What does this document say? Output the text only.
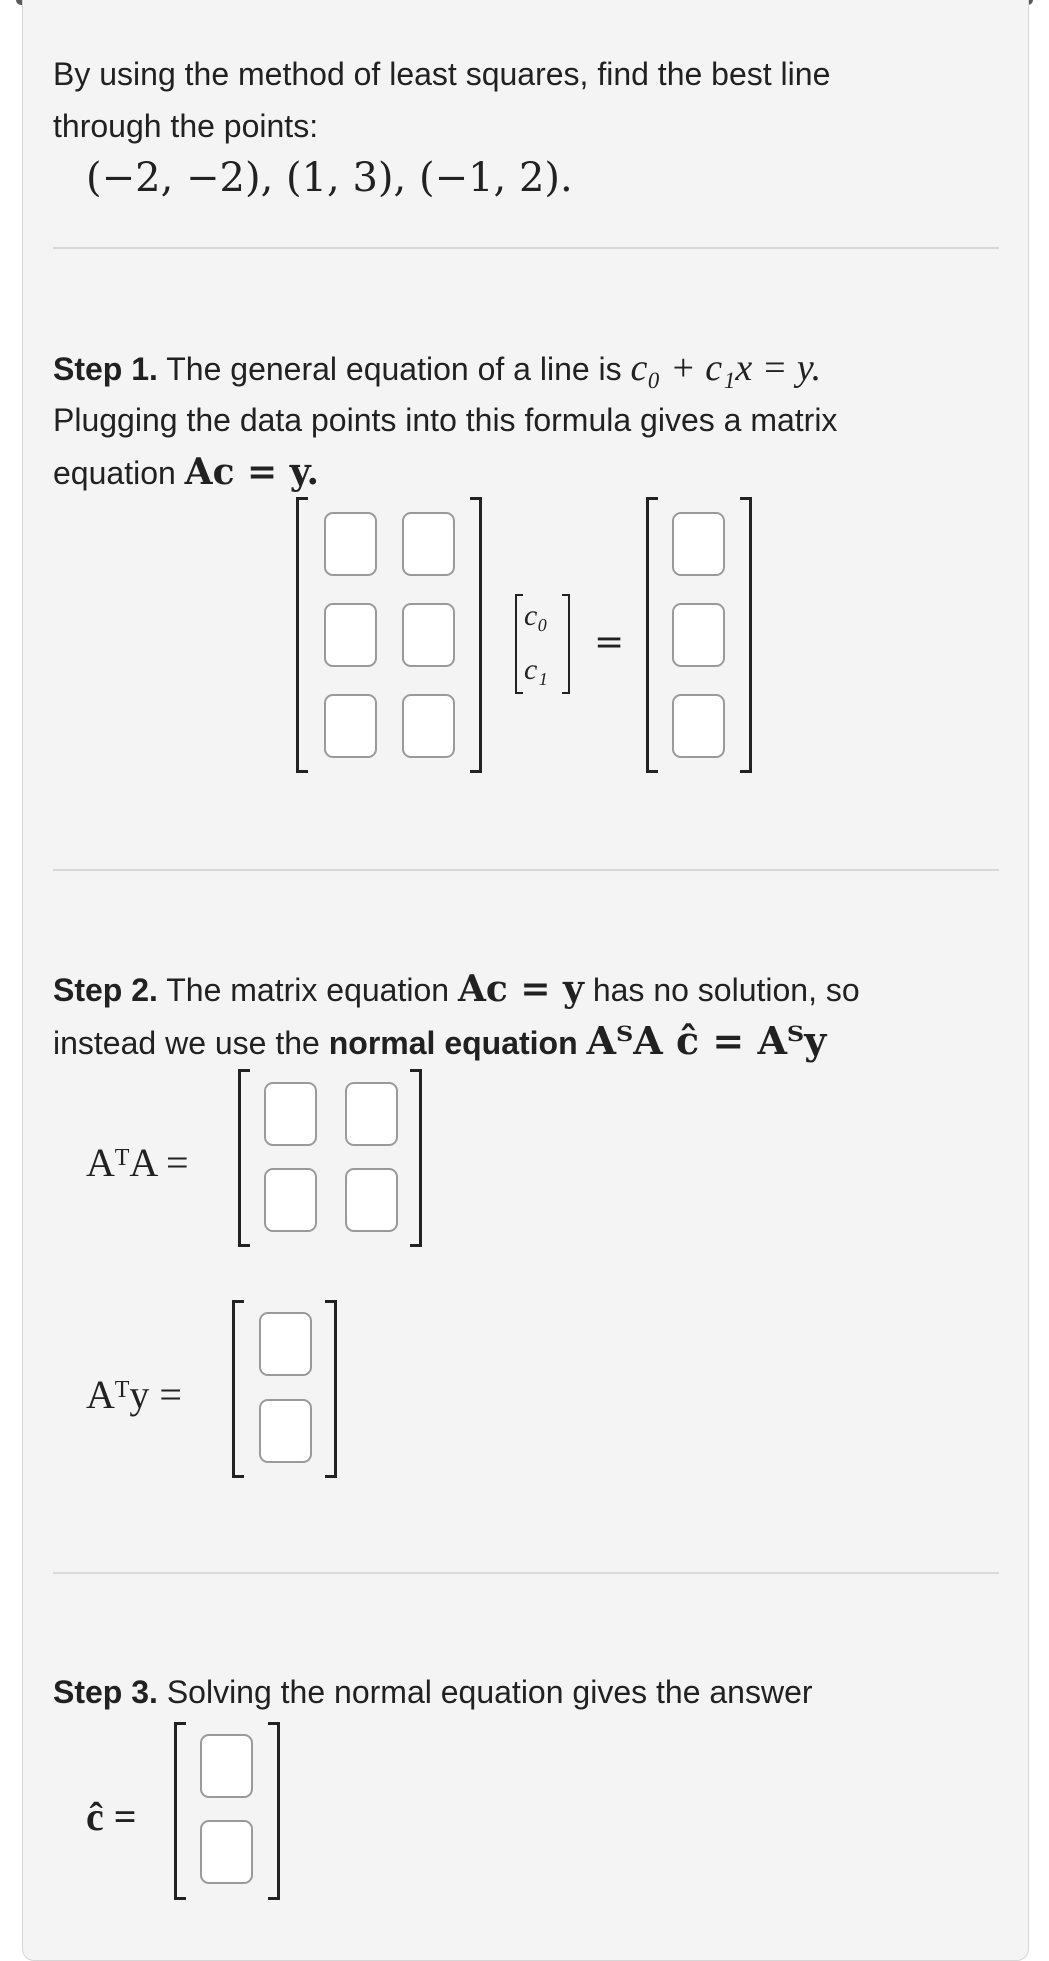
By using the method of least squares, find the best line
through the points:
(−2, −2), (1, 3), (−1, 2).
Step 1. The general equation of a line is c₀ + c₁x = y.
Plugging the data points into this formula gives a matrix
equation Ac = y.
c₀
c₁
=
Step 2. The matrix equation Ac = y has no solution, so
instead we use the normal equation AᵀA ĉ = Aᵀy
AᵀA =
Aᵀy =
Step 3. Solving the normal equation gives the answer
ĉ =
